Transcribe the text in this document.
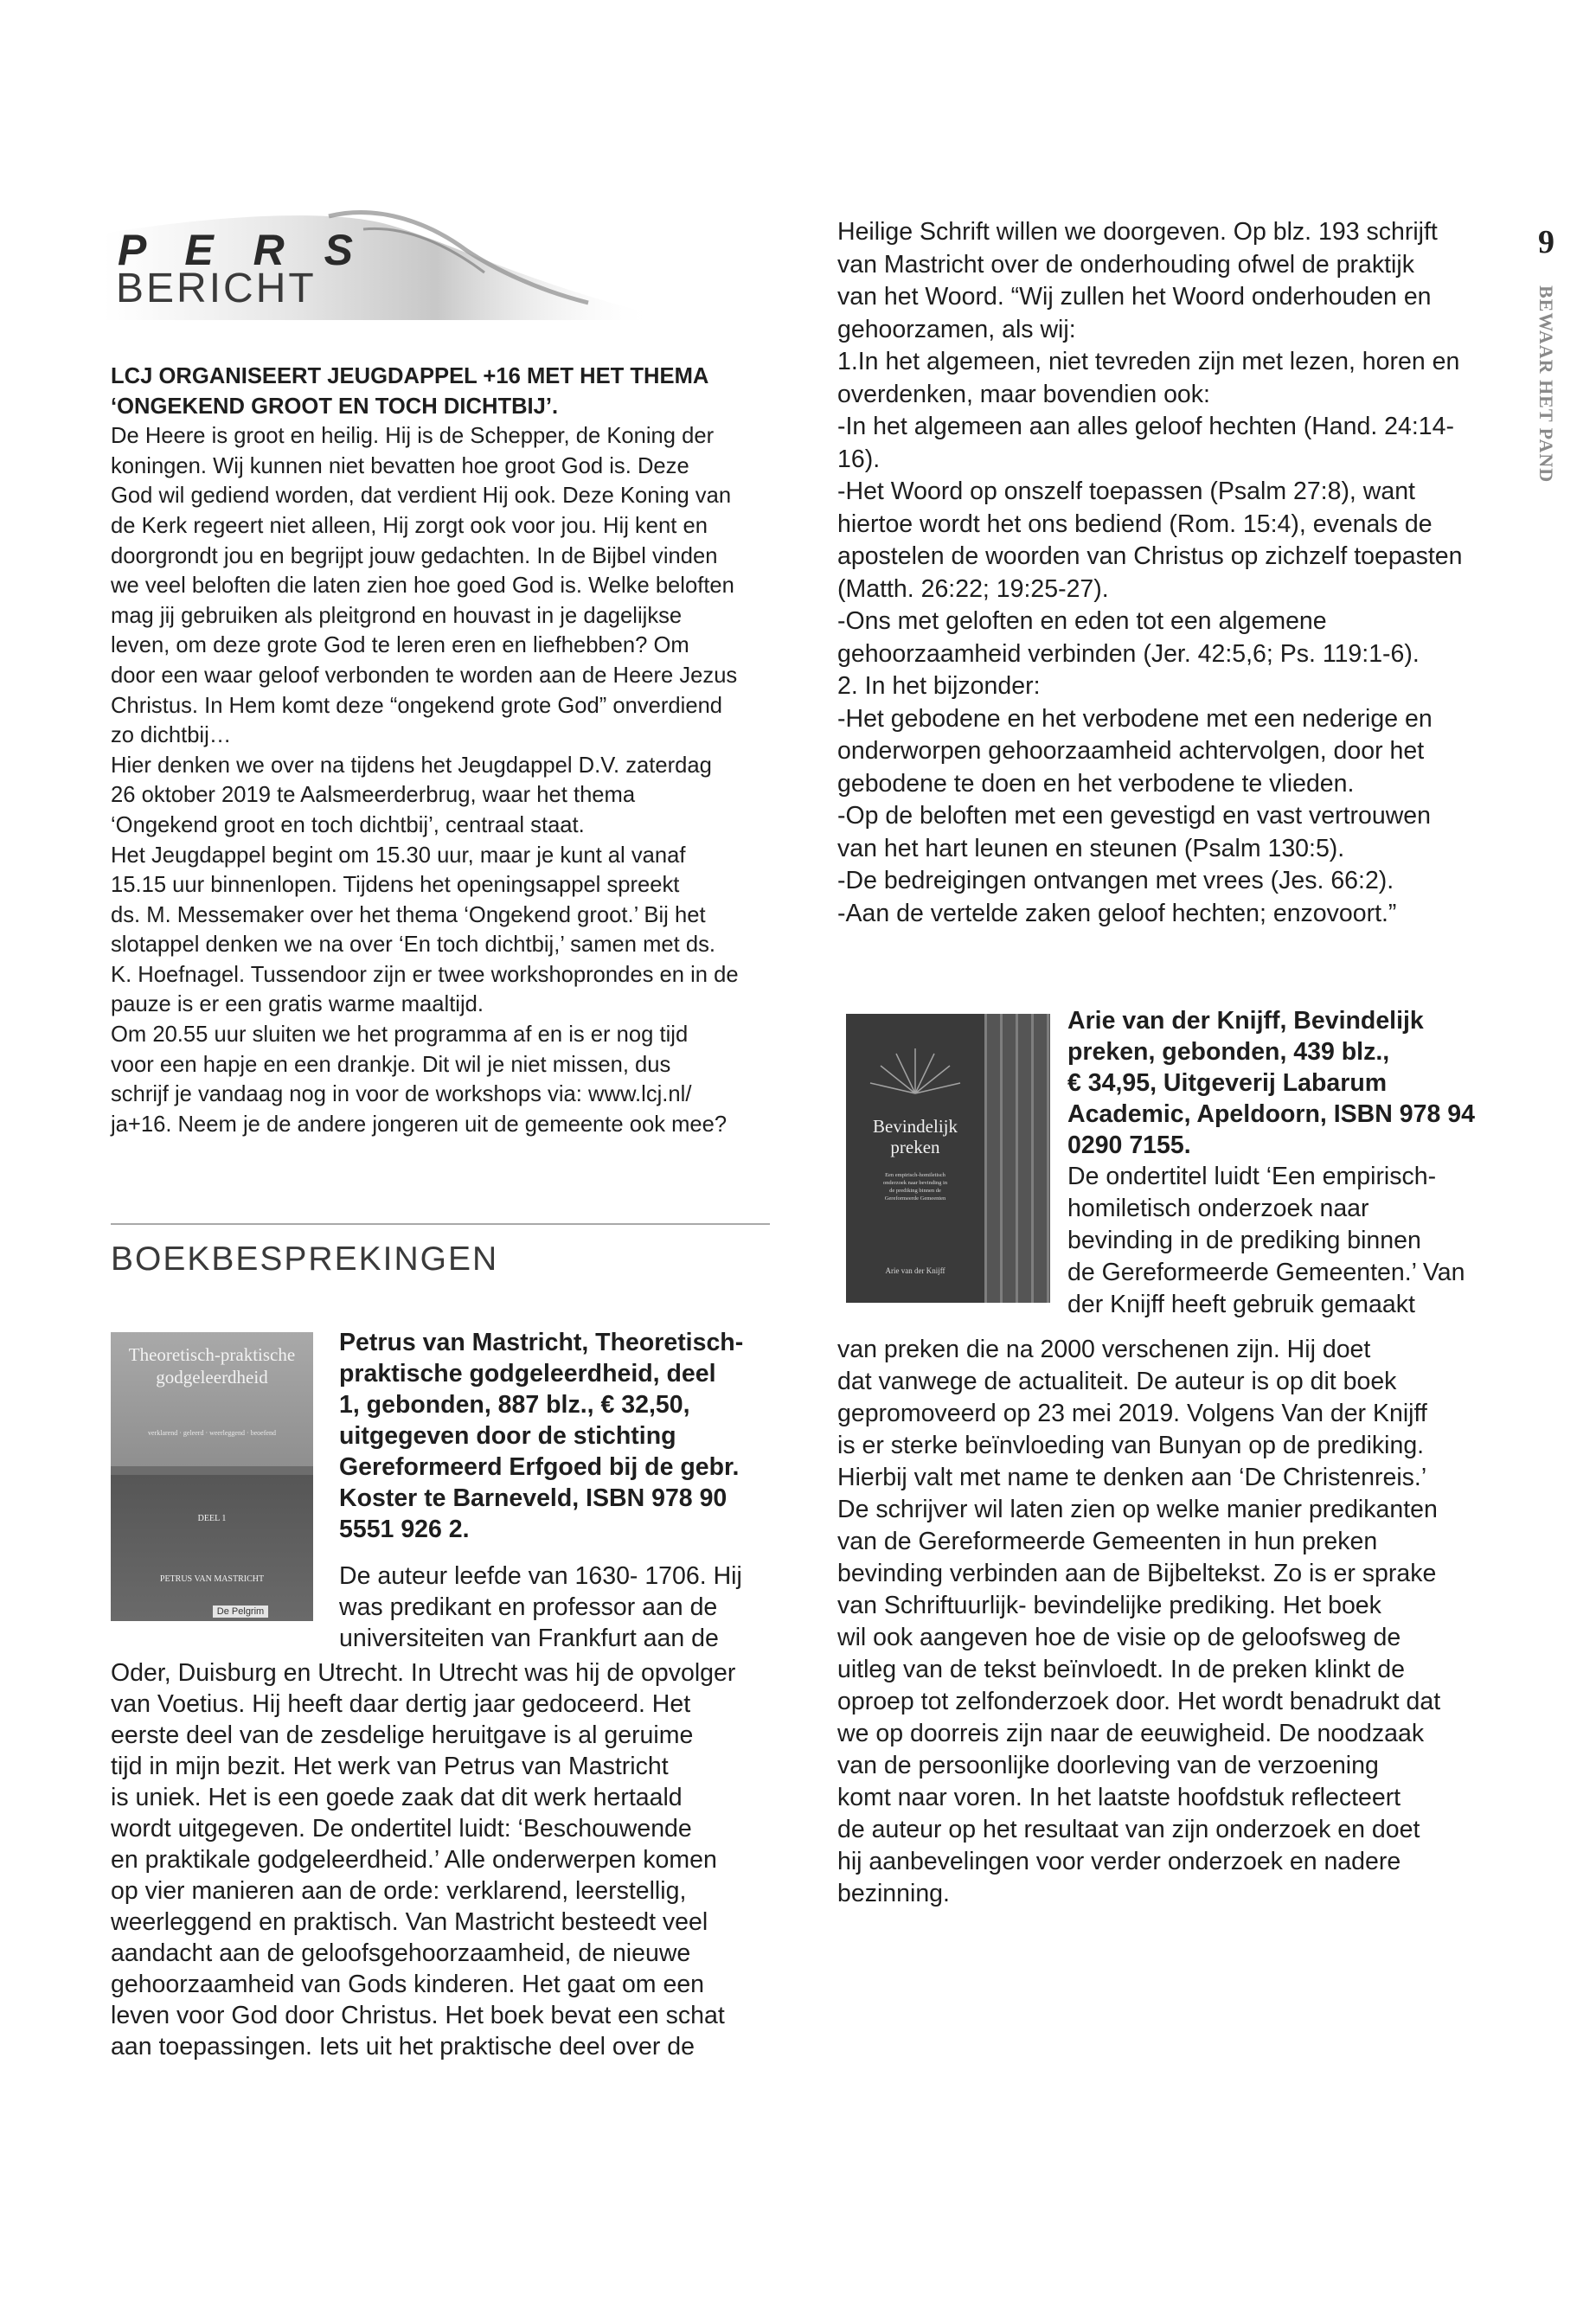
P E R S
BERICHT

LCJ ORGANISEERT JEUGDAPPEL +16 MET HET THEMA

‘ONGEKEND GROOT EN TOCH DICHTBIJ’.

De Heere is groot en heilig. Hij is de Schepper, de Koning der
koningen. Wij kunnen niet bevatten hoe groot God is. Deze
God wil gediend worden, dat verdient Hij ook. Deze Koning van
de Kerk regeert niet alleen, Hij zorgt ook voor jou. Hij kent en
doorgrondt jou en begrijpt jouw gedachten. In de Bijbel vinden
we veel beloften die laten zien hoe goed God is. Welke beloften
mag jij gebruiken als pleitgrond en houvast in je dagelijkse
leven, om deze grote God te leren eren en liefhebben? Om
door een waar geloof verbonden te worden aan de Heere Jezus
Christus. In Hem komt deze “ongekend grote God” onverdiend
zo dichtbij…
Hier denken we over na tijdens het Jeugdappel D.V. zaterdag
26 oktober 2019 te Aalsmeerderbrug, waar het thema
‘Ongekend groot en toch dichtbij’, centraal staat.
Het Jeugdappel begint om 15.30 uur, maar je kunt al vanaf
15.15 uur binnenlopen. Tijdens het openingsappel spreekt
ds. M. Messemaker over het thema ‘Ongekend groot.’ Bij het
slotappel denken we na over ‘En toch dichtbij,’ samen met ds.
K. Hoefnagel. Tussendoor zijn er twee workshoprondes en in de
pauze is er een gratis warme maaltijd.
Om 20.55 uur sluiten we het programma af en is er nog tijd
voor een hapje en een drankje. Dit wil je niet missen, dus
schrijf je vandaag nog in voor de workshops via: www.lcj.nl/
ja+16. Neem je de andere jongeren uit de gemeente ook mee?
BOEKBESPREKINGEN
Theoretisch-praktische
godgeleerdheid
verklarend · geleerd · weerleggend · beoefend
DEEL 1
PETRUS VAN MASTRICHT
De Pelgrim
Petrus van Mastricht, Theoretisch-
praktische godgeleerdheid, deel
1, gebonden, 887 blz., € 32,50,
uitgegeven door de stichting
Gereformeerd Erfgoed bij de gebr.
Koster te Barneveld, ISBN 978 90
5551 926 2.
De auteur leefde van 1630- 1706. Hij
was predikant en professor aan de
universiteiten van Frankfurt aan de
Oder, Duisburg en Utrecht. In Utrecht was hij de opvolger
van Voetius. Hij heeft daar dertig jaar gedoceerd. Het
eerste deel van de zesdelige heruitgave is al geruime
tijd in mijn bezit. Het werk van Petrus van Mastricht
is uniek. Het is een goede zaak dat dit werk hertaald
wordt uitgegeven. De ondertitel luidt: ‘Beschouwende
en praktikale godgeleerdheid.’ Alle onderwerpen komen
op vier manieren aan de orde: verklarend, leerstellig,
weerleggend en praktisch. Van Mastricht besteedt veel
aandacht aan de geloofsgehoorzaamheid, de nieuwe
gehoorzaamheid van Gods kinderen. Het gaat om een
leven voor God door Christus. Het boek bevat een schat
aan toepassingen. Iets uit het praktische deel over de
Heilige Schrift willen we doorgeven. Op blz. 193 schrijft
van Mastricht over de onderhouding ofwel de praktijk
van het Woord. “Wij zullen het Woord onderhouden en
gehoorzamen, als wij:
1.In het algemeen, niet tevreden zijn met lezen, horen en
overdenken, maar bovendien ook:
-In het algemeen aan alles geloof hechten (Hand. 24:14-
16).
-Het Woord op onszelf toepassen (Psalm 27:8), want
hiertoe wordt het ons bediend (Rom. 15:4), evenals de
apostelen de woorden van Christus op zichzelf toepasten
(Matth. 26:22; 19:25-27).
-Ons met geloften en eden tot een algemene
gehoorzaamheid verbinden (Jer. 42:5,6; Ps. 119:1-6).
2. In het bijzonder:
-Het gebodene en het verbodene met een nederige en
onderworpen gehoorzaamheid achtervolgen, door het
gebodene te doen en het verbodene te vlieden.
-Op de beloften met een gevestigd en vast vertrouwen
van het hart leunen en steunen (Psalm 130:5).
-De bedreigingen ontvangen met vrees (Jes. 66:2).
-Aan de vertelde zaken geloof hechten; enzovoort.”
Bevindelijk
preken
Een empirisch-homiletisch
onderzoek naar bevinding in
de prediking binnen de
Gereformeerde Gemeenten
Arie van der Knijff
Arie van der Knijff, Bevindelijk
preken, gebonden, 439 blz.,
€ 34,95, Uitgeverij Labarum
Academic, Apeldoorn, ISBN 978 94
0290 7155.
De ondertitel luidt ‘Een empirisch-
homiletisch onderzoek naar
bevinding in de prediking binnen
de Gereformeerde Gemeenten.’ Van
der Knijff heeft gebruik gemaakt
van preken die na 2000 verschenen zijn. Hij doet
dat vanwege de actualiteit. De auteur is op dit boek
gepromoveerd op 23 mei 2019. Volgens Van der Knijff
is er sterke beïnvloeding van Bunyan op de prediking.
Hierbij valt met name te denken aan ‘De Christenreis.’
De schrijver wil laten zien op welke manier predikanten
van de Gereformeerde Gemeenten in hun preken
bevinding verbinden aan de Bijbeltekst. Zo is er sprake
van Schriftuurlijk- bevindelijke prediking. Het boek
wil ook aangeven hoe de visie op de geloofsweg de
uitleg van de tekst beïnvloedt. In de preken klinkt de
oproep tot zelfonderzoek door. Het wordt benadrukt dat
we op doorreis zijn naar de eeuwigheid. De noodzaak
van de persoonlijke doorleving van de verzoening
komt naar voren. In het laatste hoofdstuk reflecteert
de auteur op het resultaat van zijn onderzoek en doet
hij aanbevelingen voor verder onderzoek en nadere
bezinning.
9
BEWAAR HET PAND
